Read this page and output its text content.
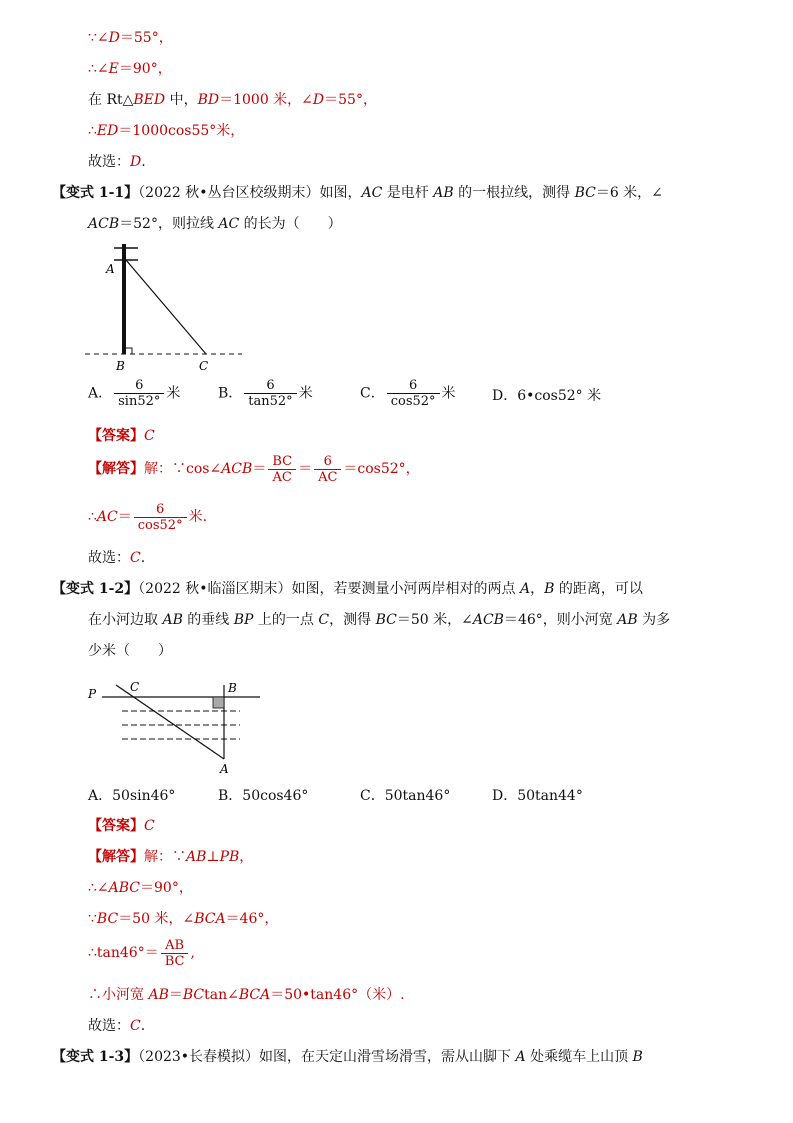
∵∠D＝55°，
∴∠E＝90°，
在 Rt△BED 中，BD＝1000 米，∠D＝55°，
∴ED＝1000cos55°米，
故选：D.
【变式 1-1】（2022 秋•丛台区校级期末）如图，AC 是电杆 AB 的一根拉线，测得 BC＝6 米，∠
ACB＝52°，则拉线 AC 的长为（　　）
A
B	C
A． $\frac{6}{\sin 52^\circ}$ 米	B． $\frac{6}{\tan 52^\circ}$ 米	C． $\frac{6}{\cos 52^\circ}$ 米	D．6•cos52° 米
【答案】C
【解答】解：∵cos∠ACB＝ $\frac{BC}{AC} = \frac{6}{AC} =\cos 52^\circ$，
∴AC＝ $\frac{6}{\cos 52^\circ}$ 米.
故选：C.
【变式 1-2】（2022 秋•临淄区期末）如图，若要测量小河两岸相对的两点 A，B 的距离，可以
在小河边取 AB 的垂线 BP 上的一点 C，测得 BC＝50 米，∠ACB＝46°，则小河宽 AB 为多
少米（　　）
P	C	B
A
A．50sin46°	B．50cos46°	C．50tan46°	D．50tan44°
【答案】C
【解答】解：∵AB⊥PB，
∴∠ABC＝90°，
∵BC＝50 米，∠BCA＝46°，
∴tan46°＝ $\frac{AB}{BC}$ ,
∴小河宽 AB＝BCtan∠BCA＝50•tan46°（米）.
故选：C.
【变式 1-3】（2023•长春模拟）如图，在天定山滑雪场滑雪，需从山脚下 A 处乘缆车上山顶 B
